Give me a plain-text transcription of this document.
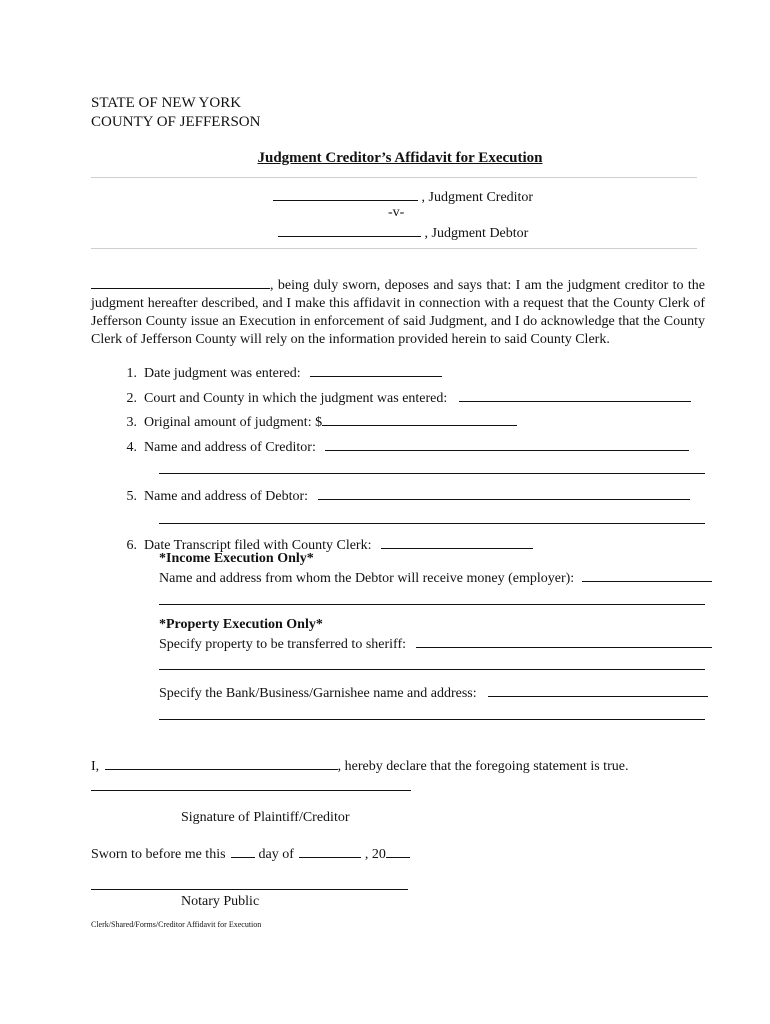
STATE OF NEW YORK
COUNTY OF JEFFERSON
Judgment Creditor’s Affidavit for Execution
, Judgment Creditor
-v-
, Judgment Debtor
, being duly sworn, deposes and says that: I am the judgment creditor to the judgment hereafter described, and I make this affidavit in connection with a request that the County Clerk of Jefferson County issue an Execution in enforcement of said Judgment, and I do acknowledge that the County Clerk of Jefferson County will rely on the information provided herein to said County Clerk.
1. Date judgment was entered:
2. Court and County in which the judgment was entered:
3. Original amount of judgment: $
4. Name and address of Creditor:
5. Name and address of Debtor:
6. Date Transcript filed with County Clerk:
*Income Execution Only*
Name and address from whom the Debtor will receive money (employer):
*Property Execution Only*
Specify property to be transferred to sheriff:
Specify the Bank/Business/Garnishee name and address:
I,	, hereby declare that the foregoing statement is true.
Signature of Plaintiff/Creditor
Sworn to before me this day of	, 20
Notary Public
Clerk/Shared/Forms/Creditor Affidavit for Execution
